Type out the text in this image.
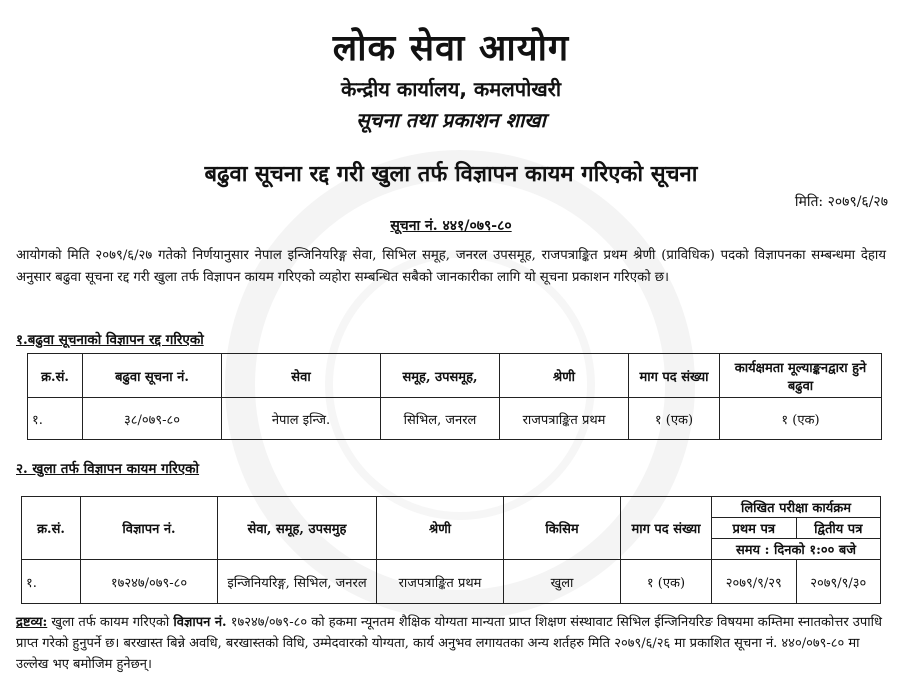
लोक सेवा आयोग
केन्द्रीय कार्यालय, कमलपोखरी
सूचना तथा प्रकाशन शाखा
बढुवा सूचना रद्द गरी खुला तर्फ विज्ञापन कायम गरिएको सूचना
मिति: २०७९/६/२७
सूचना नं. ४४१/०७९-८०
आयोगको मिति २०७९/६/२७ गतेको निर्णयानुसार नेपाल इन्जिनियरिङ्ग सेवा, सिभिल समूह, जनरल उपसमूह, राजपत्राङ्कित प्रथम श्रेणी (प्राविधिक) पदको विज्ञापनका सम्बन्धमा देहाय अनुसार बढुवा सूचना रद्द गरी खुला तर्फ विज्ञापन कायम गरिएको व्यहोरा सम्बन्धित सबैको जानकारीका लागि यो सूचना प्रकाशन गरिएको छ।
१.बढुवा सूचनाको विज्ञापन रद्द गरिएको
क्र.सं.	बढुवा सूचना नं.	सेवा	समूह, उपसमूह,	श्रेणी	माग पद संख्या	कार्यक्षमता मूल्याङ्कनद्वारा हुने बढुवा
१.	३८/०७९-८०	नेपाल इन्जि.	सिभिल, जनरल	राजपत्राङ्कित प्रथम	१ (एक)	१ (एक)
२. खुला तर्फ विज्ञापन कायम गरिएको
क्र.सं.	विज्ञापन नं.	सेवा, समूह, उपसमुह	श्रेणी	किसिम	माग पद संख्या	लिखित परीक्षा कार्यक्रम	
						प्रथम पत्र	द्वितीय पत्र
						समय : दिनको १:०० बजे	
१.	१७२४७/०७९-८०	इन्जिनियरिङ्ग, सिभिल, जनरल	राजपत्राङ्कित प्रथम	खुला	१ (एक)	२०७९/९/२९	२०७९/९/३०
द्रष्टव्य: खुला तर्फ कायम गरिएको विज्ञापन नं. १७२४७/०७९-८० को हकमा न्यूनतम शैक्षिक योग्यता मान्यता प्राप्त शिक्षण संस्थावाट सिभिल ईन्जिनियरिङ विषयमा कम्तिमा स्नातकोत्तर उपाधि प्राप्त गरेको हुनुपर्ने छ। बरखास्त बिन्ने अवधि, बरखास्तको विधि, उम्मेदवारको योग्यता, कार्य अनुभव लगायतका अन्य शर्तहरु मिति २०७९/६/२६ मा प्रकाशित सूचना नं. ४४०/०७९-८० मा उल्लेख भए बमोजिम हुनेछन्।
